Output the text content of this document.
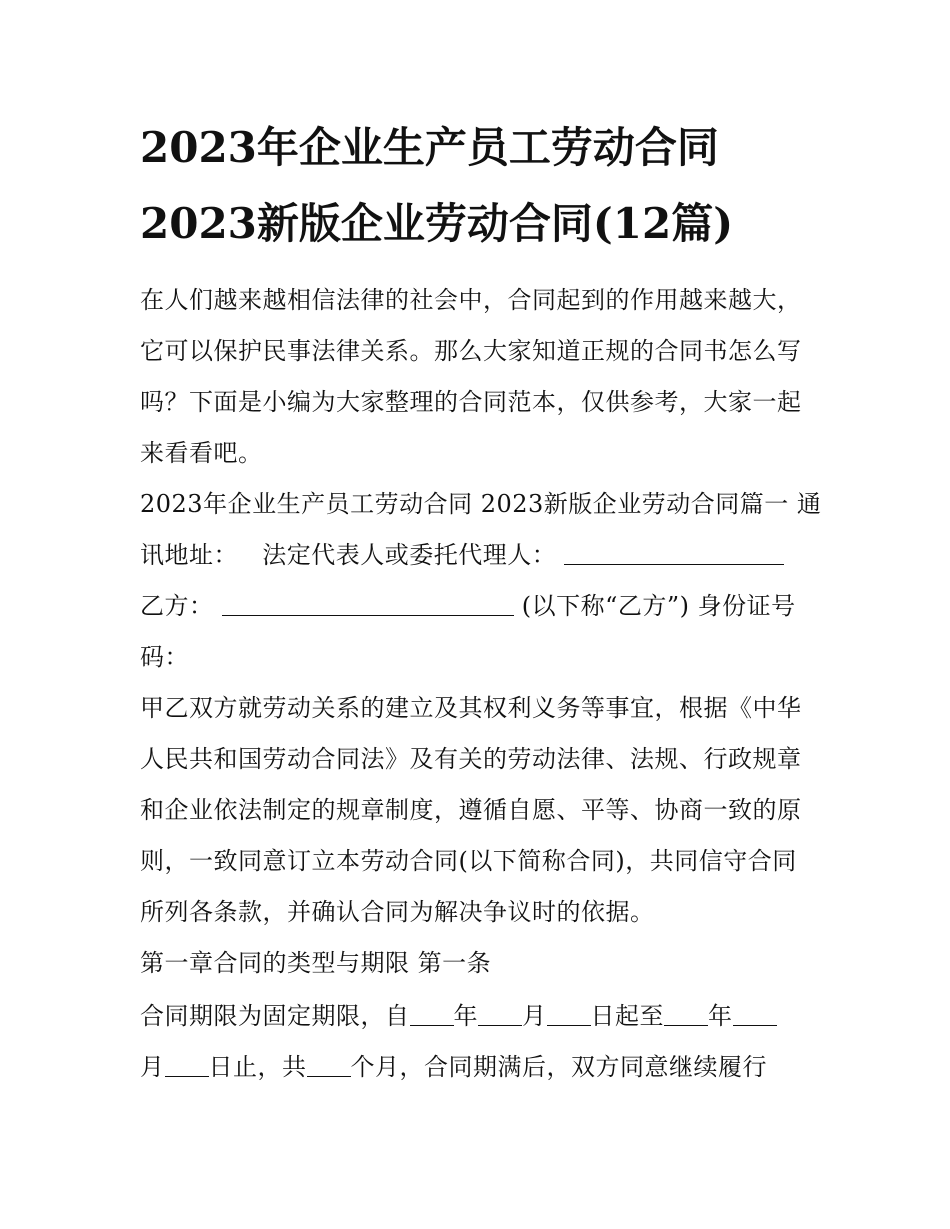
2023年企业生产员工劳动合同
2023新版企业劳动合同(12篇)
在人们越来越相信法律的社会中，合同起到的作用越来越大，
它可以保护民事法律关系。那么大家知道正规的合同书怎么写
吗？下面是小编为大家整理的合同范本，仅供参考，大家一起
来看看吧。
2023年企业生产员工劳动合同 2023新版企业劳动合同篇一 通
讯地址： 法定代表人或委托代理人：
乙方：	(以下称“乙方”) 身份证号
码：
甲乙双方就劳动关系的建立及其权利义务等事宜，根据《中华
人民共和国劳动合同法》及有关的劳动法律、法规、行政规章
和企业依法制定的规章制度，遵循自愿、平等、协商一致的原
则，一致同意订立本劳动合同(以下简称合同)，共同信守合同
所列各条款，并确认合同为解决争议时的依据。
第一章合同的类型与期限 第一条
合同期限为固定期限，自 年 月 日起至 年
月 日止，共 个月，合同期满后，双方同意继续履行
